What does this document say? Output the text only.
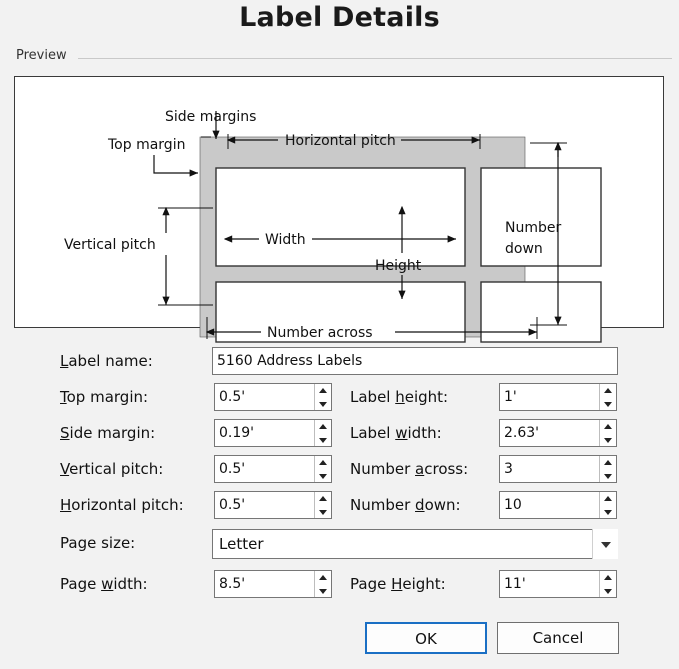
Label Details
Preview
Side margins
Top margin	Horizontal pitch
Vertical pitch	Width
Height
Number
down
Number across
Label name:
5160 Address Labels
Top margin:
0.5'	Label height:
1'
Side margin:
0.19'	Label width:
2.63'
Vertical pitch:
0.5'	Number across:
3
Horizontal pitch:
0.5'	Number down:
10
Page size:	Letter
Page width:
8.5'	Page Height:
11'
OK	Cancel
